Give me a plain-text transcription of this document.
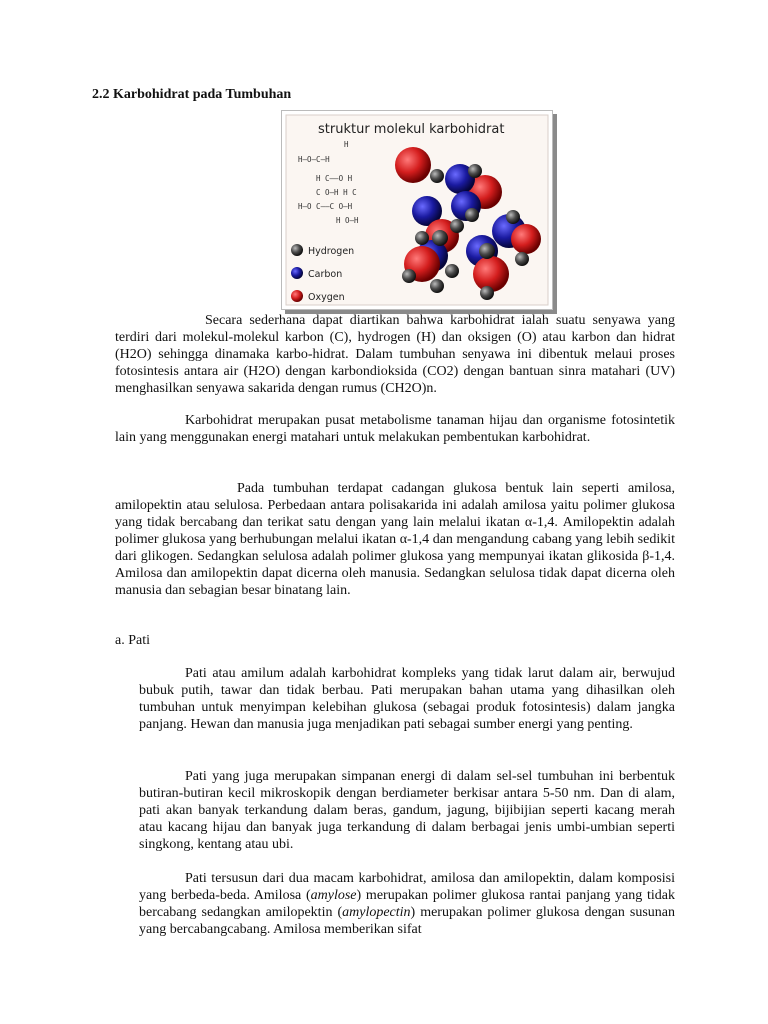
2.2 Karbohidrat pada Tumbuhan
struktur molekul karbohidrat
H
H—O—C—H
H C——O H
C O—H H C
H—O C——C O—H
H O—H
Hydrogen
Carbon
Oxygen

Secara sederhana dapat diartikan bahwa karbohidrat ialah suatu senyawa yang terdiri dari molekul-molekul karbon (C), hydrogen (H) dan oksigen (O) atau karbon dan hidrat (H2O) sehingga dinamaka karbo-hidrat. Dalam tumbuhan senyawa ini dibentuk melaui proses fotosintesis antara air (H2O) dengan karbondioksida (CO2) dengan bantuan sinra matahari (UV) menghasilkan senyawa sakarida dengan rumus (CH2O)n.

Karbohidrat merupakan pusat metabolisme tanaman hijau dan organisme fotosintetik lain yang menggunakan energi matahari untuk melakukan pembentukan karbohidrat.

Pada tumbuhan terdapat cadangan glukosa bentuk lain seperti amilosa, amilopektin atau selulosa. Perbedaan antara polisakarida ini adalah amilosa yaitu polimer glukosa yang tidak bercabang dan terikat satu dengan yang lain melalui ikatan α-1,4. Amilopektin adalah polimer glukosa yang berhubungan melalui ikatan α-1,4 dan mengandung cabang yang lebih sedikit dari glikogen. Sedangkan selulosa adalah polimer glukosa yang mempunyai ikatan glikosida β-1,4. Amilosa dan amilopektin dapat dicerna oleh manusia. Sedangkan selulosa tidak dapat dicerna oleh manusia dan sebagian besar binatang lain.

a. Pati

Pati atau amilum adalah karbohidrat kompleks yang tidak larut dalam air, berwujud bubuk putih, tawar dan tidak berbau. Pati merupakan bahan utama yang dihasilkan oleh tumbuhan untuk menyimpan kelebihan glukosa (sebagai produk fotosintesis) dalam jangka panjang. Hewan dan manusia juga menjadikan pati sebagai sumber energi yang penting.

Pati yang juga merupakan simpanan energi di dalam sel-sel tumbuhan ini berbentuk butiran-butiran kecil mikroskopik dengan berdiameter berkisar antara 5-50 nm. Dan di alam, pati akan banyak terkandung dalam beras, gandum, jagung, bijibijian seperti kacang merah atau kacang hijau dan banyak juga terkandung di dalam berbagai jenis umbi-umbian seperti singkong, kentang atau ubi.

Pati tersusun dari dua macam karbohidrat, amilosa dan amilopektin, dalam komposisi yang berbeda-beda. Amilosa (amylose) merupakan polimer glukosa rantai panjang yang tidak bercabang sedangkan amilopektin (amylopectin) merupakan polimer glukosa dengan susunan yang bercabangcabang. Amilosa memberikan sifat
